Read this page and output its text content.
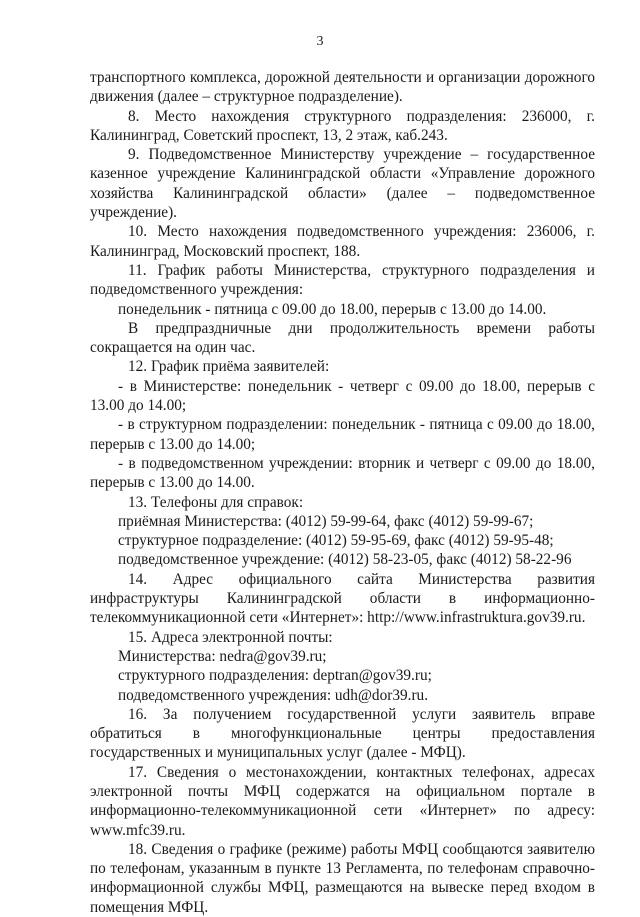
3

транспортного комплекса, дорожной деятельности и организации дорожного движения (далее – структурное подразделение).

8. Место нахождения структурного подразделения: 236000, г. Калининград, Советский проспект, 13, 2 этаж, каб.243.

9. Подведомственное Министерству учреждение – государственное казенное учреждение Калининградской области «Управление дорожного хозяйства Калининградской области» (далее – подведомственное учреждение).

10. Место нахождения подведомственного учреждения: 236006, г. Калининград, Московский проспект, 188.

11. График работы Министерства, структурного подразделения и подведомственного учреждения:

понедельник - пятница с 09.00 до 18.00, перерыв с 13.00 до 14.00.

В предпраздничные дни продолжительность времени работы сокращается на один час.

12. График приёма заявителей:

- в Министерстве: понедельник - четверг с 09.00 до 18.00, перерыв с 13.00 до 14.00;

- в структурном подразделении: понедельник - пятница с 09.00 до 18.00, перерыв с 13.00 до 14.00;

- в подведомственном учреждении: вторник и четверг с 09.00 до 18.00, перерыв с 13.00 до 14.00.

13. Телефоны для справок:

приёмная Министерства: (4012) 59-99-64, факс (4012) 59-99-67;

структурное подразделение: (4012) 59-95-69, факс (4012) 59-95-48;

подведомственное учреждение: (4012) 58-23-05, факс (4012) 58-22-96

14. Адрес официального сайта Министерства развития инфраструктуры Калининградской области в информационно-телекоммуникационной сети «Интернет»: http://www.infrastruktura.gov39.ru.

15. Адреса электронной почты:

Министерства: nedra@gov39.ru;

структурного подразделения: deptran@gov39.ru;

подведомственного учреждения: udh@dor39.ru.

16. За получением государственной услуги заявитель вправе обратиться в многофункциональные центры предоставления государственных и муниципальных услуг (далее - МФЦ).

17. Сведения о местонахождении, контактных телефонах, адресах электронной почты МФЦ содержатся на официальном портале в информационно-телекоммуникационной сети «Интернет» по адресу: www.mfc39.ru.

18. Сведения о графике (режиме) работы МФЦ сообщаются заявителю по телефонам, указанным в пункте 13 Регламента, по телефонам справочно-информационной службы МФЦ, размещаются на вывеске перед входом в помещения МФЦ.
